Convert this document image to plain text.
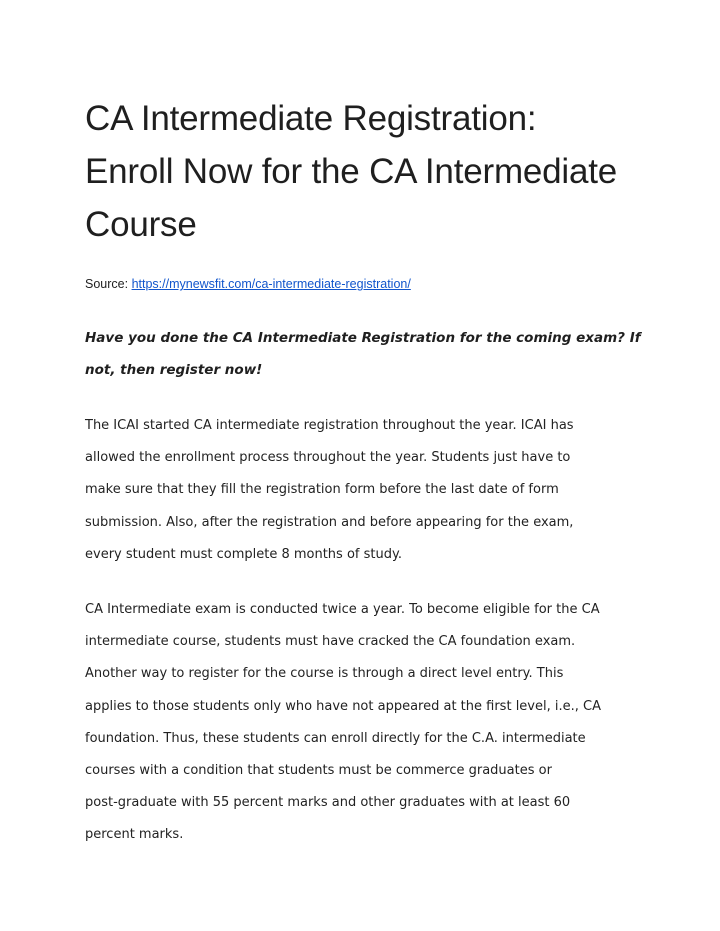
CA Intermediate Registration:
Enroll Now for the CA Intermediate
Course
Source: https://mynewsfit.com/ca-intermediate-registration/
Have you done the CA Intermediate Registration for the coming exam? If not, then register now!

The ICAI started CA intermediate registration throughout the year. ICAI has
allowed the enrollment process throughout the year. Students just have to
make sure that they fill the registration form before the last date of form
submission. Also, after the registration and before appearing for the exam,
every student must complete 8 months of study.

CA Intermediate exam is conducted twice a year. To become eligible for the CA
intermediate course, students must have cracked the CA foundation exam.
Another way to register for the course is through a direct level entry. This
applies to those students only who have not appeared at the first level, i.e., CA
foundation. Thus, these students can enroll directly for the C.A. intermediate
courses with a condition that students must be commerce graduates or
post-graduate with 55 percent marks and other graduates with at least 60
percent marks.
